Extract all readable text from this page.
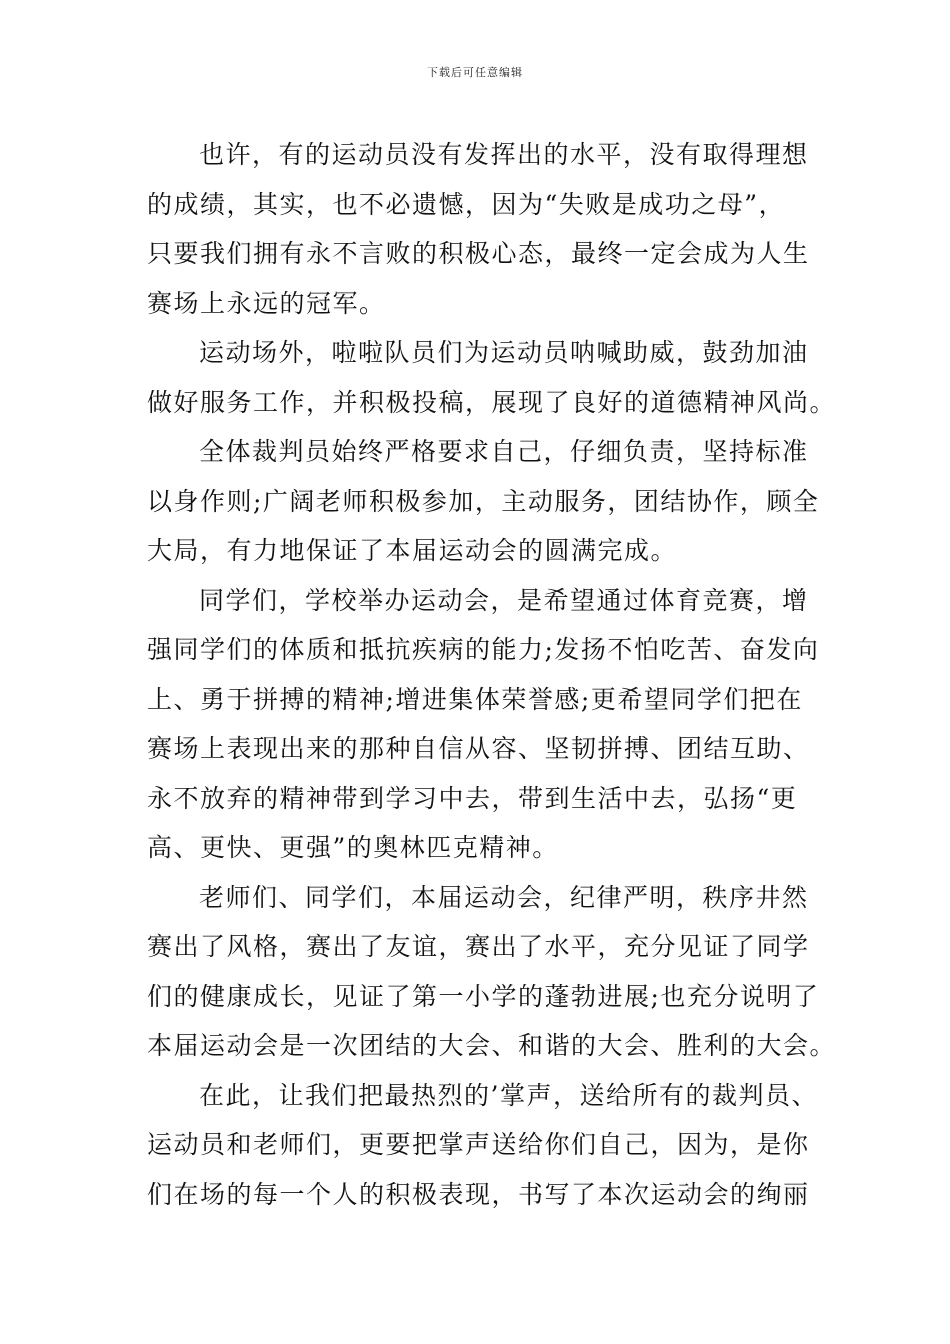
下载后可任意编辑
也许，有的运动员没有发挥出的水平，没有取得理想
的成绩，其实，也不必遗憾，因为“失败是成功之母”，
只要我们拥有永不言败的积极心态，最终一定会成为人生
赛场上永远的冠军。
运动场外，啦啦队员们为运动员呐喊助威，鼓劲加油
做好服务工作，并积极投稿，展现了良好的道德精神风尚。
全体裁判员始终严格要求自己，仔细负责，坚持标准
以身作则;广阔老师积极参加，主动服务，团结协作，顾全
大局，有力地保证了本届运动会的圆满完成。
同学们，学校举办运动会，是希望通过体育竞赛，增
强同学们的体质和抵抗疾病的能力;发扬不怕吃苦、奋发向
上、勇于拼搏的精神;增进集体荣誉感;更希望同学们把在
赛场上表现出来的那种自信从容、坚韧拼搏、团结互助、
永不放弃的精神带到学习中去，带到生活中去，弘扬“更
高、更快、更强”的奥林匹克精神。
老师们、同学们，本届运动会，纪律严明，秩序井然
赛出了风格，赛出了友谊，赛出了水平，充分见证了同学
们的健康成长，见证了第一小学的蓬勃进展;也充分说明了
本届运动会是一次团结的大会、和谐的大会、胜利的大会。
在此，让我们把最热烈的’掌声，送给所有的裁判员、
运动员和老师们，更要把掌声送给你们自己，因为，是你
们在场的每一个人的积极表现，书写了本次运动会的绚丽
